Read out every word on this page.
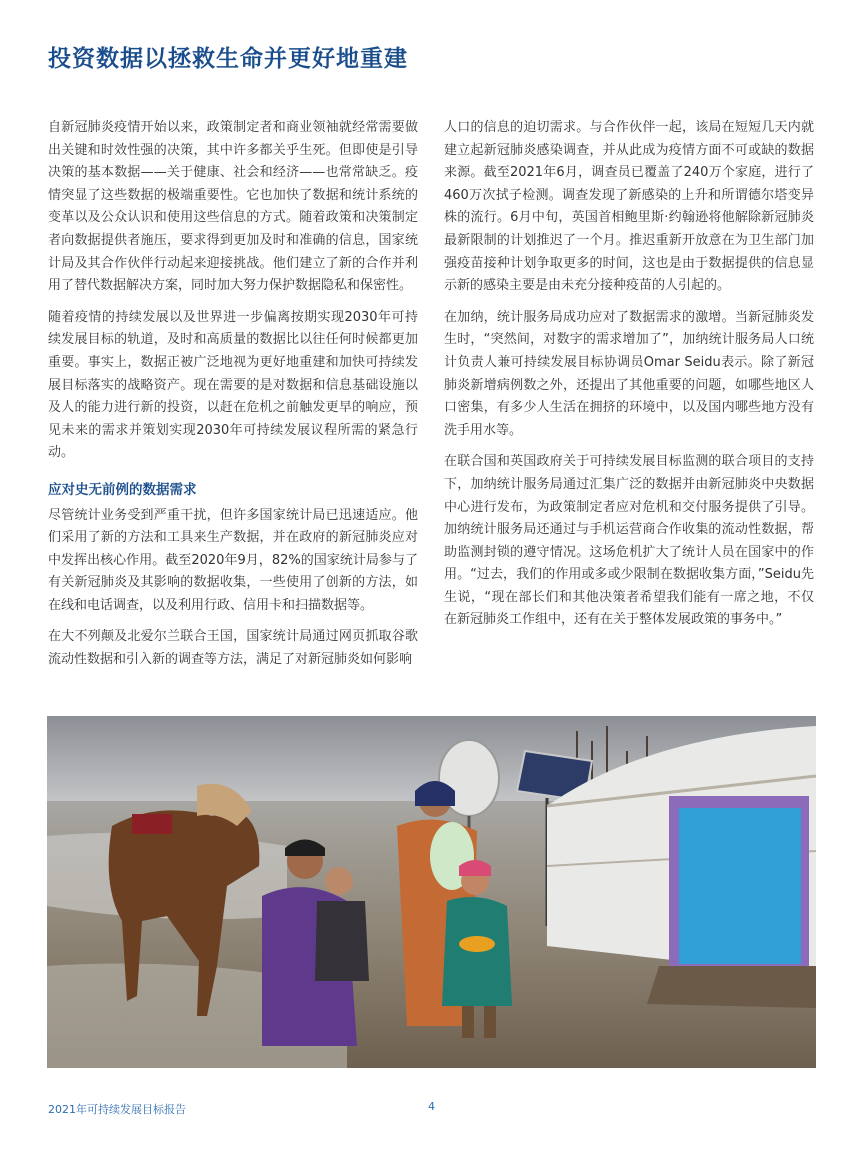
投资数据以拯救生命并更好地重建

自新冠肺炎疫情开始以来，政策制定者和商业领袖就经常需要做出关键和时效性强的决策，其中许多都关乎生死。但即使是引导决策的基本数据——关于健康、社会和经济——也常常缺乏。疫情突显了这些数据的极端重要性。它也加快了数据和统计系统的变革以及公众认识和使用这些信息的方式。随着政策和决策制定者向数据提供者施压，要求得到更加及时和准确的信息，国家统计局及其合作伙伴行动起来迎接挑战。他们建立了新的合作并利用了替代数据解决方案，同时加大努力保护数据隐私和保密性。

随着疫情的持续发展以及世界进一步偏离按期实现2030年可持续发展目标的轨道，及时和高质量的数据比以往任何时候都更加重要。事实上，数据正被广泛地视为更好地重建和加快可持续发展目标落实的战略资产。现在需要的是对数据和信息基础设施以及人的能力进行新的投资，以赶在危机之前触发更早的响应，预见未来的需求并策划实现2030年可持续发展议程所需的紧急行动。

应对史无前例的数据需求

尽管统计业务受到严重干扰，但许多国家统计局已迅速适应。他们采用了新的方法和工具来生产数据，并在政府的新冠肺炎应对中发挥出核心作用。截至2020年9月，82%的国家统计局参与了有关新冠肺炎及其影响的数据收集，一些使用了创新的方法，如在线和电话调查，以及利用行政、信用卡和扫描数据等。

在大不列颠及北爱尔兰联合王国，国家统计局通过网页抓取谷歌流动性数据和引入新的调查等方法，满足了对新冠肺炎如何影响

人口的信息的迫切需求。与合作伙伴一起，该局在短短几天内就建立起新冠肺炎感染调查，并从此成为疫情方面不可或缺的数据来源。截至2021年6月，调查员已覆盖了240万个家庭，进行了460万次拭子检测。调查发现了新感染的上升和所谓德尔塔变异株的流行。6月中旬，英国首相鲍里斯·约翰逊将他解除新冠肺炎最新限制的计划推迟了一个月。推迟重新开放意在为卫生部门加强疫苗接种计划争取更多的时间，这也是由于数据提供的信息显示新的感染主要是由未充分接种疫苗的人引起的。

在加纳，统计服务局成功应对了数据需求的激增。当新冠肺炎发生时，“突然间，对数字的需求增加了”，加纳统计服务局人口统计负责人兼可持续发展目标协调员Omar Seidu表示。除了新冠肺炎新增病例数之外，还提出了其他重要的问题，如哪些地区人口密集，有多少人生活在拥挤的环境中，以及国内哪些地方没有洗手用水等。

在联合国和英国政府关于可持续发展目标监测的联合项目的支持下，加纳统计服务局通过汇集广泛的数据并由新冠肺炎中央数据中心进行发布，为政策制定者应对危机和交付服务提供了引导。加纳统计服务局还通过与手机运营商合作收集的流动性数据，帮助监测封锁的遵守情况。这场危机扩大了统计人员在国家中的作用。“过去，我们的作用或多或少限制在数据收集方面，”Seidu先生说，“现在部长们和其他决策者希望我们能有一席之地，不仅在新冠肺炎工作组中，还有在关于整体发展政策的事务中。”

2021年可持续发展目标报告	4
